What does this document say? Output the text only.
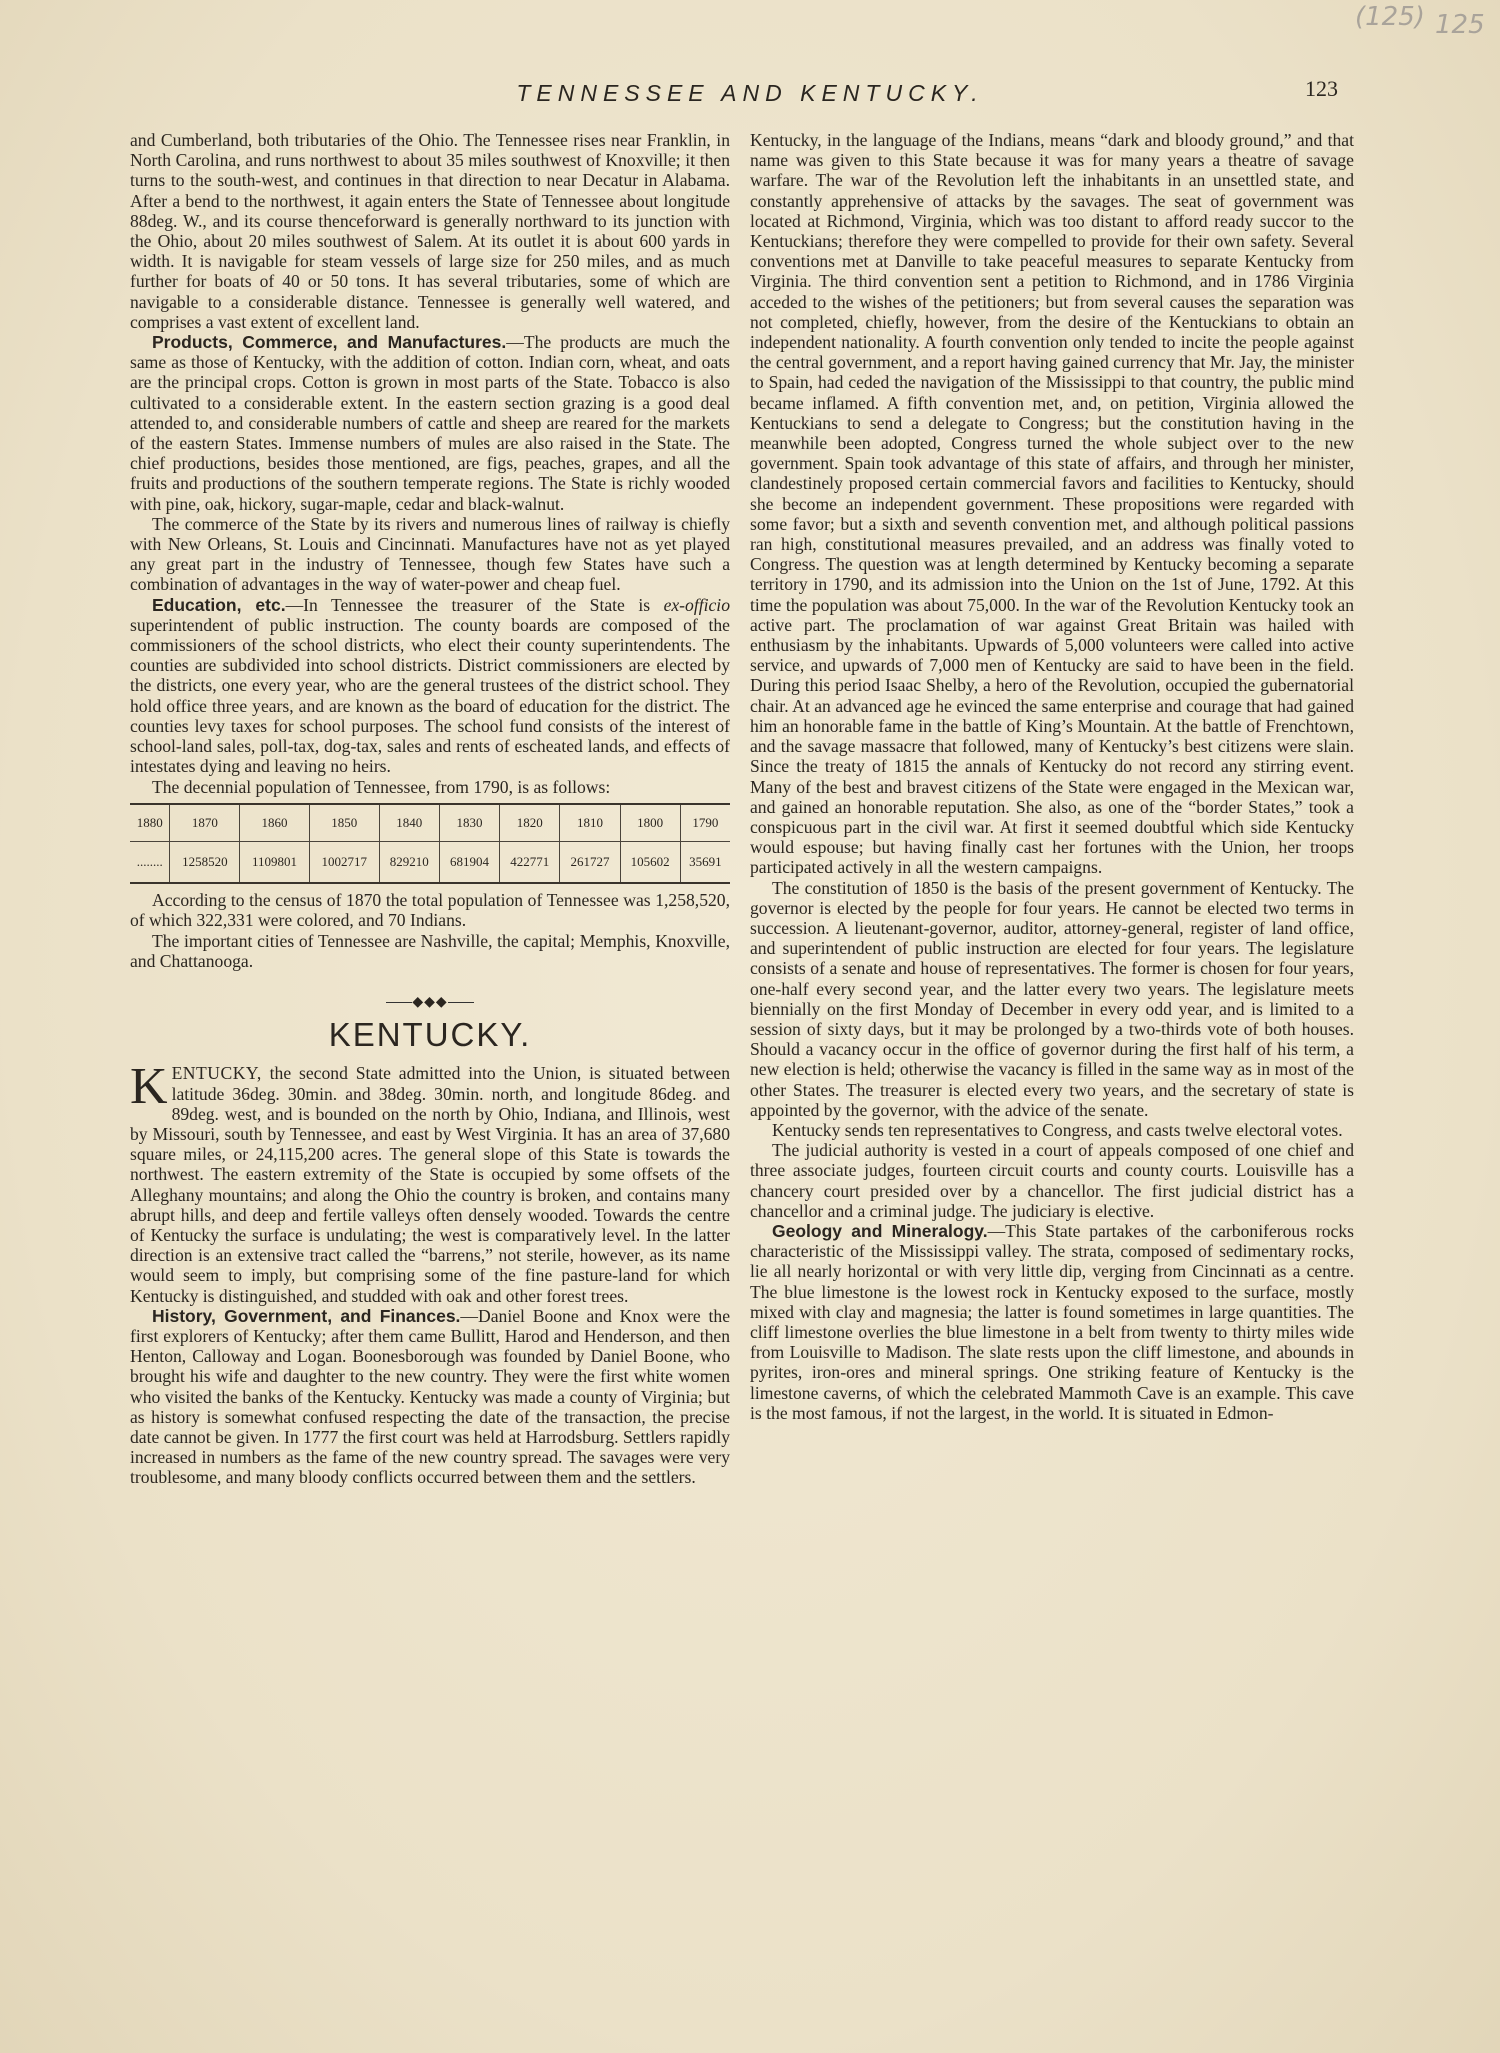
(125) 125
TENNESSEE AND KENTUCKY.	123

and Cumberland, both tributaries of the Ohio. The Tennessee rises near Franklin, in North Carolina, and runs northwest to about 35 miles southwest of Knoxville; it then turns to the south-west, and continues in that direction to near Decatur in Alabama. After a bend to the northwest, it again enters the State of Tennessee about longitude 88deg. W., and its course thenceforward is generally northward to its junction with the Ohio, about 20 miles southwest of Salem. At its outlet it is about 600 yards in width. It is navigable for steam vessels of large size for 250 miles, and as much further for boats of 40 or 50 tons. It has several tributaries, some of which are navigable to a considerable distance. Tennessee is generally well watered, and comprises a vast extent of excellent land.

Products, Commerce, and Manufactures.—The products are much the same as those of Kentucky, with the addition of cotton. Indian corn, wheat, and oats are the principal crops. Cotton is grown in most parts of the State. Tobacco is also cultivated to a considerable extent. In the eastern section grazing is a good deal attended to, and considerable numbers of cattle and sheep are reared for the markets of the eastern States. Immense numbers of mules are also raised in the State. The chief productions, besides those mentioned, are figs, peaches, grapes, and all the fruits and productions of the southern temperate regions. The State is richly wooded with pine, oak, hickory, sugar-maple, cedar and black-walnut.

The commerce of the State by its rivers and numerous lines of railway is chiefly with New Orleans, St. Louis and Cincinnati. Manufactures have not as yet played any great part in the industry of Tennessee, though few States have such a combination of advantages in the way of water-power and cheap fuel.

Education, etc.—In Tennessee the treasurer of the State is ex-officio superintendent of public instruction. The county boards are composed of the commissioners of the school districts, who elect their county superintendents. The counties are subdivided into school districts. District commissioners are elected by the districts, one every year, who are the general trustees of the district school. They hold office three years, and are known as the board of education for the district. The counties levy taxes for school purposes. The school fund consists of the interest of school-land sales, poll-tax, dog-tax, sales and rents of escheated lands, and effects of intestates dying and leaving no heirs.

The decennial population of Tennessee, from 1790, is as follows:

1880	1870	1860	1850	1840	1830	1820	1810	1800	1790
........	1258520	1109801	1002717	829210	681904	422771	261727	105602	35691

According to the census of 1870 the total population of Tennessee was 1,258,520, of which 322,331 were colored, and 70 Indians.

The important cities of Tennessee are Nashville, the capital; Memphis, Knoxville, and Chattanooga.

◆◆◆
KENTUCKY.

KENTUCKY, the second State admitted into the Union, is situated between latitude 36deg. 30min. and 38deg. 30min. north, and longitude 86deg. and 89deg. west, and is bounded on the north by Ohio, Indiana, and Illinois, west by Missouri, south by Tennessee, and east by West Virginia. It has an area of 37,680 square miles, or 24,115,200 acres. The general slope of this State is towards the northwest. The eastern extremity of the State is occupied by some offsets of the Alleghany mountains; and along the Ohio the country is broken, and contains many abrupt hills, and deep and fertile valleys often densely wooded. Towards the centre of Kentucky the surface is undulating; the west is comparatively level. In the latter direction is an extensive tract called the “barrens,” not sterile, however, as its name would seem to imply, but comprising some of the fine pasture-land for which Kentucky is distinguished, and studded with oak and other forest trees.

History, Government, and Finances.—Daniel Boone and Knox were the first explorers of Kentucky; after them came Bullitt, Harod and Henderson, and then Henton, Calloway and Logan. Boonesborough was founded by Daniel Boone, who brought his wife and daughter to the new country. They were the first white women who visited the banks of the Kentucky. Kentucky was made a county of Virginia; but as history is somewhat confused respecting the date of the transaction, the precise date cannot be given. In 1777 the first court was held at Harrodsburg. Settlers rapidly increased in numbers as the fame of the new country spread. The savages were very troublesome, and many bloody conflicts occurred between them and the settlers.

Kentucky, in the language of the Indians, means “dark and bloody ground,” and that name was given to this State because it was for many years a theatre of savage warfare. The war of the Revolution left the inhabitants in an unsettled state, and constantly apprehensive of attacks by the savages. The seat of government was located at Richmond, Virginia, which was too distant to afford ready succor to the Kentuckians; therefore they were compelled to provide for their own safety. Several conventions met at Danville to take peaceful measures to separate Kentucky from Virginia. The third convention sent a petition to Richmond, and in 1786 Virginia acceded to the wishes of the petitioners; but from several causes the separation was not completed, chiefly, however, from the desire of the Kentuckians to obtain an independent nationality. A fourth convention only tended to incite the people against the central government, and a report having gained currency that Mr. Jay, the minister to Spain, had ceded the navigation of the Mississippi to that country, the public mind became inflamed. A fifth convention met, and, on petition, Virginia allowed the Kentuckians to send a delegate to Congress; but the constitution having in the meanwhile been adopted, Congress turned the whole subject over to the new government. Spain took advantage of this state of affairs, and through her minister, clandestinely proposed certain commercial favors and facilities to Kentucky, should she become an independent government. These propositions were regarded with some favor; but a sixth and seventh convention met, and although political passions ran high, constitutional measures prevailed, and an address was finally voted to Congress. The question was at length determined by Kentucky becoming a separate territory in 1790, and its admission into the Union on the 1st of June, 1792. At this time the population was about 75,000. In the war of the Revolution Kentucky took an active part. The proclamation of war against Great Britain was hailed with enthusiasm by the inhabitants. Upwards of 5,000 volunteers were called into active service, and upwards of 7,000 men of Kentucky are said to have been in the field. During this period Isaac Shelby, a hero of the Revolution, occupied the gubernatorial chair. At an advanced age he evinced the same enterprise and courage that had gained him an honorable fame in the battle of King’s Mountain. At the battle of Frenchtown, and the savage massacre that followed, many of Kentucky’s best citizens were slain. Since the treaty of 1815 the annals of Kentucky do not record any stirring event. Many of the best and bravest citizens of the State were engaged in the Mexican war, and gained an honorable reputation. She also, as one of the “border States,” took a conspicuous part in the civil war. At first it seemed doubtful which side Kentucky would espouse; but having finally cast her fortunes with the Union, her troops participated actively in all the western campaigns.

The constitution of 1850 is the basis of the present government of Kentucky. The governor is elected by the people for four years. He cannot be elected two terms in succession. A lieutenant-governor, auditor, attorney-general, register of land office, and superintendent of public instruction are elected for four years. The legislature consists of a senate and house of representatives. The former is chosen for four years, one-half every second year, and the latter every two years. The legislature meets biennially on the first Monday of December in every odd year, and is limited to a session of sixty days, but it may be prolonged by a two-thirds vote of both houses. Should a vacancy occur in the office of governor during the first half of his term, a new election is held; otherwise the vacancy is filled in the same way as in most of the other States. The treasurer is elected every two years, and the secretary of state is appointed by the governor, with the advice of the senate.

Kentucky sends ten representatives to Congress, and casts twelve electoral votes.

The judicial authority is vested in a court of appeals composed of one chief and three associate judges, fourteen circuit courts and county courts. Louisville has a chancery court presided over by a chancellor. The first judicial district has a chancellor and a criminal judge. The judiciary is elective.

Geology and Mineralogy.—This State partakes of the carboniferous rocks characteristic of the Mississippi valley. The strata, composed of sedimentary rocks, lie all nearly horizontal or with very little dip, verging from Cincinnati as a centre. The blue limestone is the lowest rock in Kentucky exposed to the surface, mostly mixed with clay and magnesia; the latter is found sometimes in large quantities. The cliff limestone overlies the blue limestone in a belt from twenty to thirty miles wide from Louisville to Madison. The slate rests upon the cliff limestone, and abounds in pyrites, iron-ores and mineral springs. One striking feature of Kentucky is the limestone caverns, of which the celebrated Mammoth Cave is an example. This cave is the most famous, if not the largest, in the world. It is situated in Edmon-
